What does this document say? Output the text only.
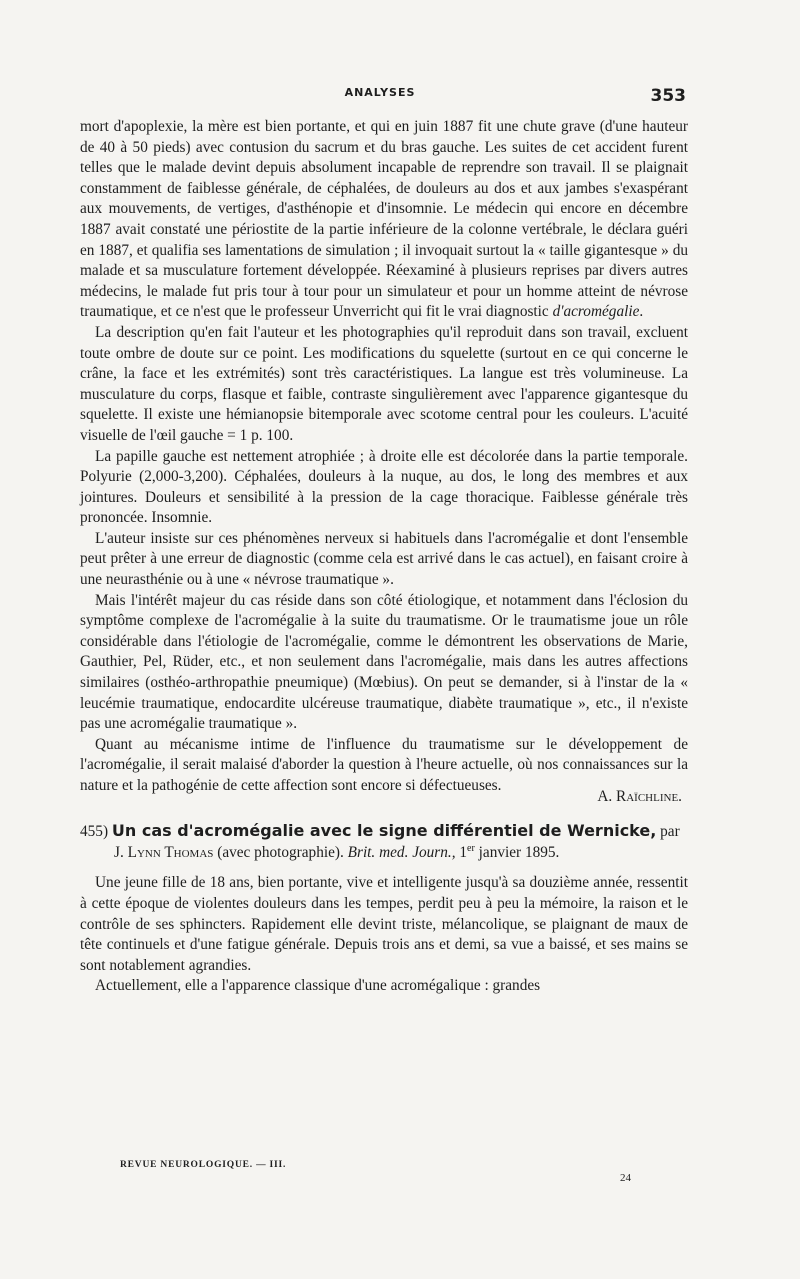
ANALYSES	353

mort d'apoplexie, la mère est bien portante, et qui en juin 1887 fit une chute grave (d'une hauteur de 40 à 50 pieds) avec contusion du sacrum et du bras gauche. Les suites de cet accident furent telles que le malade devint depuis absolument incapable de reprendre son travail. Il se plaignait constamment de faiblesse générale, de céphalées, de douleurs au dos et aux jambes s'exaspérant aux mouvements, de vertiges, d'asthénopie et d'insomnie. Le médecin qui encore en décembre 1887 avait constaté une périostite de la partie inférieure de la colonne vertébrale, le déclara guéri en 1887, et qualifia ses lamentations de simulation ; il invoquait surtout la « taille gigantesque » du malade et sa musculature fortement développée. Réexaminé à plusieurs reprises par divers autres médecins, le malade fut pris tour à tour pour un simulateur et pour un homme atteint de névrose traumatique, et ce n'est que le professeur Unverricht qui fit le vrai diagnostic d'acromégalie.

La description qu'en fait l'auteur et les photographies qu'il reproduit dans son travail, excluent toute ombre de doute sur ce point. Les modifications du squelette (surtout en ce qui concerne le crâne, la face et les extrémités) sont très caractéristiques. La langue est très volumineuse. La musculature du corps, flasque et faible, contraste singulièrement avec l'apparence gigantesque du squelette. Il existe une hémianopsie bitemporale avec scotome central pour les couleurs. L'acuité visuelle de l'œil gauche = 1 p. 100.

La papille gauche est nettement atrophiée ; à droite elle est décolorée dans la partie temporale. Polyurie (2,000-3,200). Céphalées, douleurs à la nuque, au dos, le long des membres et aux jointures. Douleurs et sensibilité à la pression de la cage thoracique. Faiblesse générale très prononcée. Insomnie.

L'auteur insiste sur ces phénomènes nerveux si habituels dans l'acromégalie et dont l'ensemble peut prêter à une erreur de diagnostic (comme cela est arrivé dans le cas actuel), en faisant croire à une neurasthénie ou à une « névrose traumatique ».

Mais l'intérêt majeur du cas réside dans son côté étiologique, et notamment dans l'éclosion du symptôme complexe de l'acromégalie à la suite du traumatisme. Or le traumatisme joue un rôle considérable dans l'étiologie de l'acromégalie, comme le démontrent les observations de Marie, Gauthier, Pel, Rüder, etc., et non seulement dans l'acromégalie, mais dans les autres affections similaires (osthéo-arthropathie pneumique) (Mœbius). On peut se demander, si à l'instar de la « leucémie traumatique, endocardite ulcéreuse traumatique, diabète traumatique », etc., il n'existe pas une acromégalie traumatique ».

Quant au mécanisme intime de l'influence du traumatisme sur le développement de l'acromégalie, il serait malaisé d'aborder la question à l'heure actuelle, où nos connaissances sur la nature et la pathogénie de cette affection sont encore si défectueuses.

A. Raïchline.

455) Un cas d'acromégalie avec le signe différentiel de Wernicke, par

J. Lynn Thomas (avec photographie). Brit. med. Journ., 1er janvier 1895.

Une jeune fille de 18 ans, bien portante, vive et intelligente jusqu'à sa douzième année, ressentit à cette époque de violentes douleurs dans les tempes, perdit peu à peu la mémoire, la raison et le contrôle de ses sphincters. Rapidement elle devint triste, mélancolique, se plaignant de maux de tête continuels et d'une fatigue générale. Depuis trois ans et demi, sa vue a baissé, et ses mains se sont notablement agrandies.

Actuellement, elle a l'apparence classique d'une acromégalique : grandes

REVUE NEUROLOGIQUE. — III.
24
